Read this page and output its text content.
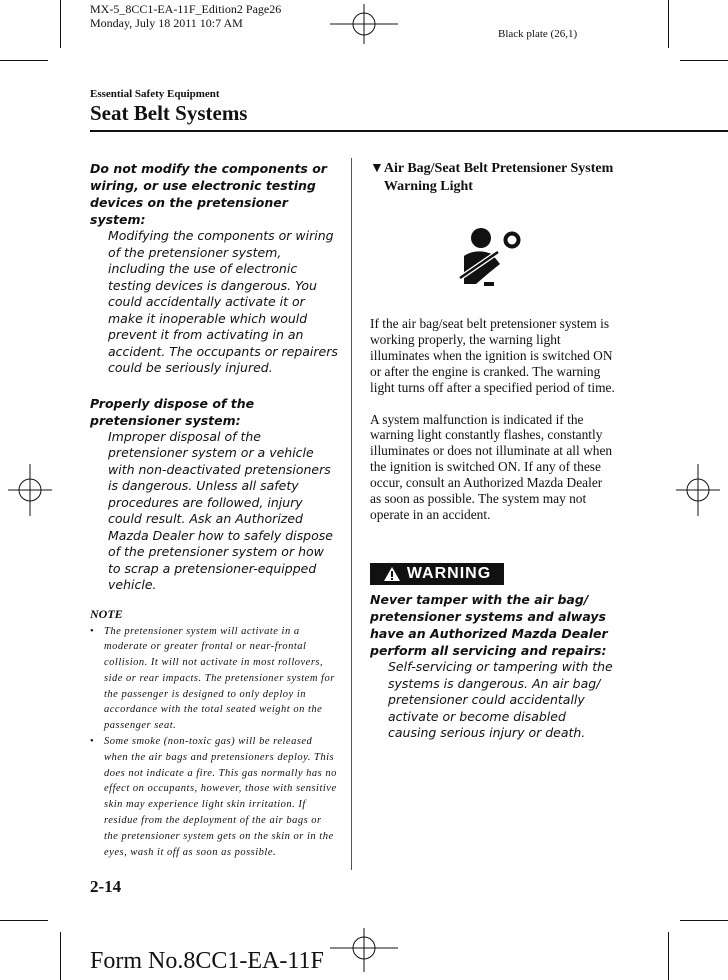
MX-5_8CC1-EA-11F_Edition2 Page26
Monday, July 18 2011 10:7 AM
Black plate (26,1)
Essential Safety Equipment
Seat Belt Systems

Do not modify the components or wiring, or use electronic testing devices on the pretensioner system:

Modifying the components or wiring of the pretensioner system, including the use of electronic testing devices is dangerous. You could accidentally activate it or make it inoperable which would prevent it from activating in an accident. The occupants or repairers could be seriously injured.

Properly dispose of the pretensioner system:

Improper disposal of the pretensioner system or a vehicle with non-deactivated pretensioners is dangerous. Unless all safety procedures are followed, injury could result. Ask an Authorized Mazda Dealer how to safely dispose of the pretensioner system or how to scrap a pretensioner-equipped vehicle.

NOTE

• The pretensioner system will activate in a moderate or greater frontal or near-frontal collision. It will not activate in most rollovers, side or rear impacts. The pretensioner system for the passenger is designed to only deploy in accordance with the total seated weight on the passenger seat.

• Some smoke (non-toxic gas) will be released when the air bags and pretensioners deploy. This does not indicate a fire. This gas normally has no effect on occupants, however, those with sensitive skin may experience light skin irritation. If residue from the deployment of the air bags or the pretensioner system gets on the skin or in the eyes, wash it off as soon as possible.

▼ Air Bag/Seat Belt Pretensioner System Warning Light

If the air bag/seat belt pretensioner system is working properly, the warning light illuminates when the ignition is switched ON or after the engine is cranked. The warning light turns off after a specified period of time.

A system malfunction is indicated if the warning light constantly flashes, constantly illuminates or does not illuminate at all when the ignition is switched ON. If any of these occur, consult an Authorized Mazda Dealer as soon as possible. The system may not operate in an accident.

WARNING

Never tamper with the air bag/ pretensioner systems and always have an Authorized Mazda Dealer perform all servicing and repairs:

Self-servicing or tampering with the systems is dangerous. An air bag/ pretensioner could accidentally activate or become disabled causing serious injury or death.

2-14
Form No.8CC1-EA-11F
